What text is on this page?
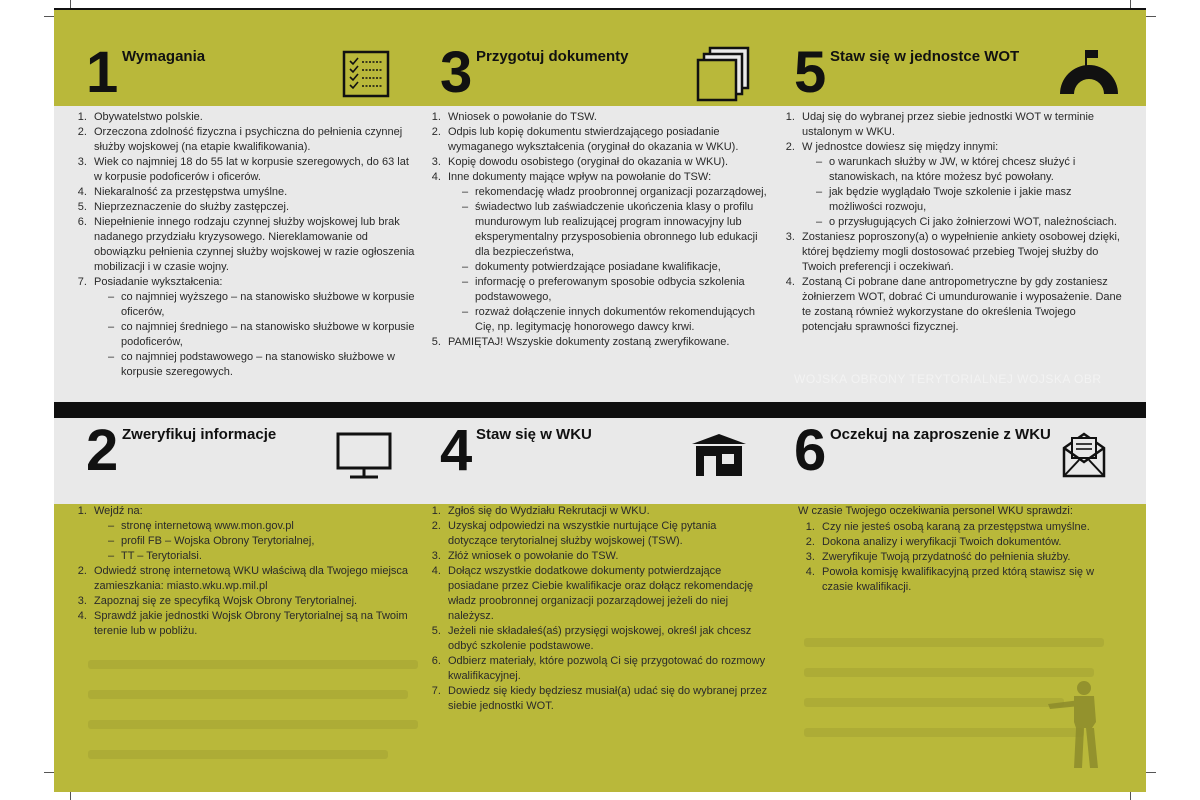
1 Wymagania
1. Obywatelstwo polskie.
2. Orzeczona zdolność fizyczna i psychiczna do pełnienia czynnej służby wojskowej (na etapie kwalifikowania).
3. Wiek co najmniej 18 do 55 lat w korpusie szeregowych, do 63 lat w korpusie podoficerów i oficerów.
4. Niekaralność za przestępstwa umyślne.
5. Nieprzeznaczenie do służby zastępczej.
6. Niepełnienie innego rodzaju czynnej służby wojskowej lub brak nadanego przydziału kryzysowego. Niereklamowanie od obowiązku pełnienia czynnej służby wojskowej w razie ogłoszenia mobilizacji i w czasie wojny.
7. Posiadanie wykształcenia:
– co najmniej wyższego – na stanowisko służbowe w korpusie oficerów,
– co najmniej średniego – na stanowisko służbowe w korpusie podoficerów,
– co najmniej podstawowego – na stanowisko służbowe w korpusie szeregowych.
3 Przygotuj dokumenty
1. Wniosek o powołanie do TSW.
2. Odpis lub kopię dokumentu stwierdzającego posiadanie wymaganego wykształcenia (oryginał do okazania w WKU).
3. Kopię dowodu osobistego (oryginał do okazania w WKU).
4. Inne dokumenty mające wpływ na powołanie do TSW:
– rekomendację władz proobronnej organizacji pozarządowej,
– świadectwo lub zaświadczenie ukończenia klasy o profilu mundurowym lub realizującej program innowacyjny lub eksperymentalny przysposobienia obronnego lub edukacji dla bezpieczeństwa,
– dokumenty potwierdzające posiadane kwalifikacje,
– informację o preferowanym sposobie odbycia szkolenia podstawowego,
– rozważ dołączenie innych dokumentów rekomendujących Cię, np. legitymację honorowego dawcy krwi.
5. PAMIĘTAJ! Wszyskie dokumenty zostaną zweryfikowane.
5 Staw się w jednostce WOT
1. Udaj się do wybranej przez siebie jednostki WOT w terminie ustalonym w WKU.
2. W jednostce dowiesz się między innymi:
– o warunkach służby w JW, w której chcesz służyć i stanowiskach, na które możesz być powołany.
– jak będzie wyglądało Twoje szkolenie i jakie masz możliwości rozwoju,
– o przysługujących Ci jako żołnierzowi WOT, należnościach.
3. Zostaniesz poproszony(a) o wypełnienie ankiety osobowej dzięki, której będziemy mogli dostosować przebieg Twojej służby do Twoich preferencji i oczekiwań.
4. Zostaną Ci pobrane dane antropometryczne by gdy zostaniesz żołnierzem WOT, dobrać Ci umundurowanie i wyposażenie. Dane te zostaną również wykorzystane do określenia Twojego potencjału sprawności fizycznej.
WOJSKA OBRONY TERYTORIALNEJ WOJSKA OBR
2 Zweryfikuj informacje
1. Wejdź na:
– stronę internetową www.mon.gov.pl
– profil FB – Wojska Obrony Terytorialnej,
– TT – Terytorialsi.
2. Odwiedź stronę internetową WKU właściwą dla Twojego miejsca zamieszkania: miasto.wku.wp.mil.pl
3. Zapoznaj się ze specyfiką Wojsk Obrony Terytorialnej.
4. Sprawdź jakie jednostki Wojsk Obrony Terytorialnej są na Twoim terenie lub w pobliżu.
4 Staw się w WKU
1. Zgłoś się do Wydziału Rekrutacji w WKU.
2. Uzyskaj odpowiedzi na wszystkie nurtujące Cię pytania dotyczące terytorialnej służby wojskowej (TSW).
3. Złóż wniosek o powołanie do TSW.
4. Dołącz wszystkie dodatkowe dokumenty potwierdzające posiadane przez Ciebie kwalifikacje oraz dołącz rekomendację władz proobronnej organizacji pozarządowej jeżeli do niej należysz.
5. Jeżeli nie składałeś(aś) przysięgi wojskowej, określ jak chcesz odbyć szkolenie podstawowe.
6. Odbierz materiały, które pozwolą Ci się przygotować do rozmowy kwalifikacyjnej.
7. Dowiedz się kiedy będziesz musiał(a) udać się do wybranej przez siebie jednostki WOT.
6 Oczekuj na zaproszenie z WKU

W czasie Twojego oczekiwania personel WKU sprawdzi:

1. Czy nie jesteś osobą karaną za przestępstwa umyślne.
2. Dokona analizy i weryfikacji Twoich dokumentów.
3. Zweryfikuje Twoją przydatność do pełnienia służby.
4. Powoła komisję kwalifikacyjną przed którą stawisz się w czasie kwalifikacji.
